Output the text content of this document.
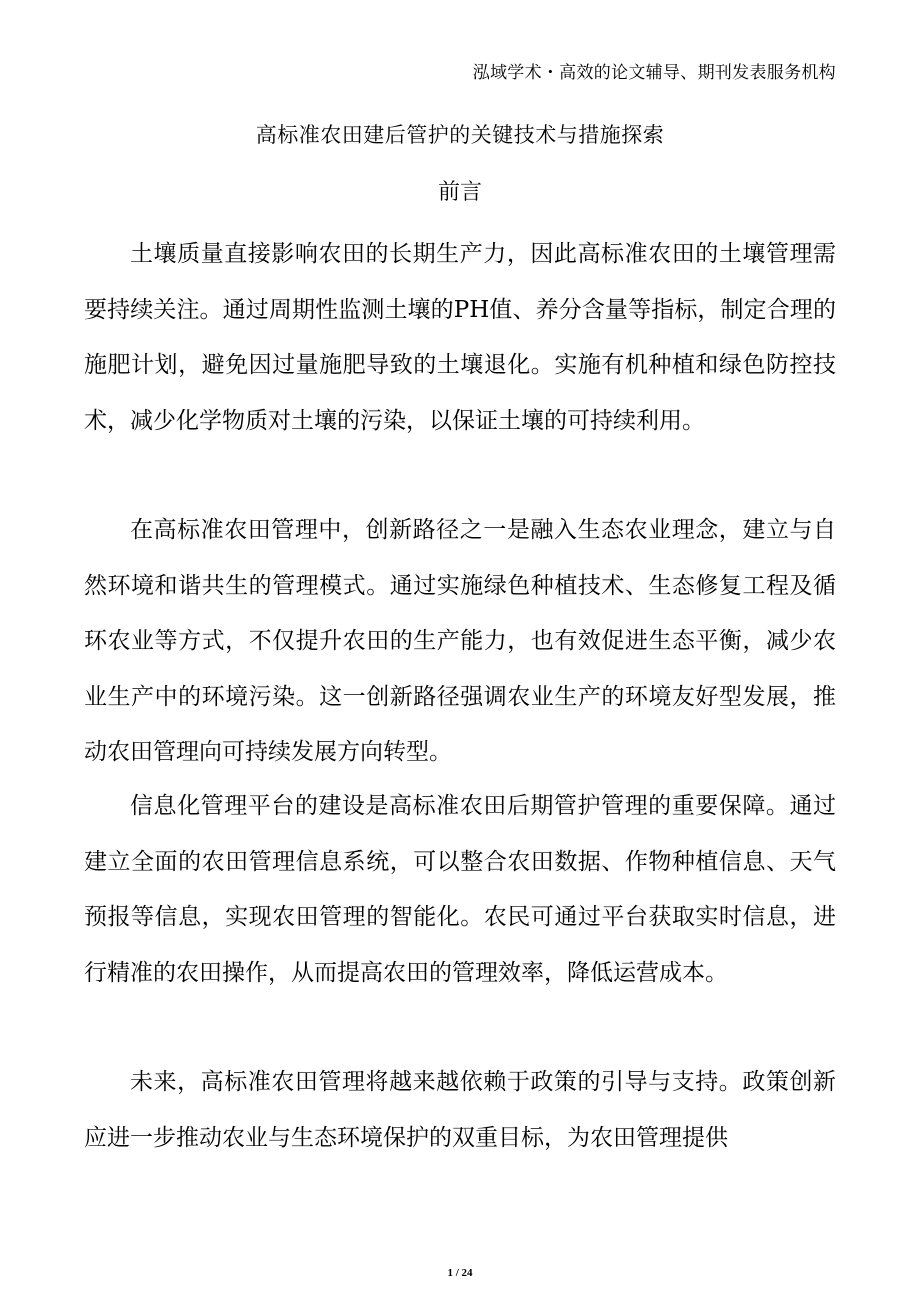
泓域学术・高效的论文辅导、期刊发表服务机构
高标准农田建后管护的关键技术与措施探索
前言

土壤质量直接影响农田的长期生产力，因此高标准农田的土壤管理需要持续关注。通过周期性监测土壤的PH值、养分含量等指标，制定合理的施肥计划，避免因过量施肥导致的土壤退化。实施有机种植和绿色防控技术，减少化学物质对土壤的污染，以保证土壤的可持续利用。

在高标准农田管理中，创新路径之一是融入生态农业理念，建立与自然环境和谐共生的管理模式。通过实施绿色种植技术、生态修复工程及循环农业等方式，不仅提升农田的生产能力，也有效促进生态平衡，减少农业生产中的环境污染。这一创新路径强调农业生产的环境友好型发展，推动农田管理向可持续发展方向转型。

信息化管理平台的建设是高标准农田后期管护管理的重要保障。通过建立全面的农田管理信息系统，可以整合农田数据、作物种植信息、天气预报等信息，实现农田管理的智能化。农民可通过平台获取实时信息，进行精准的农田操作，从而提高农田的管理效率，降低运营成本。

未来，高标准农田管理将越来越依赖于政策的引导与支持。政策创新应进一步推动农业与生态环境保护的双重目标，为农田管理提供

1 / 24
